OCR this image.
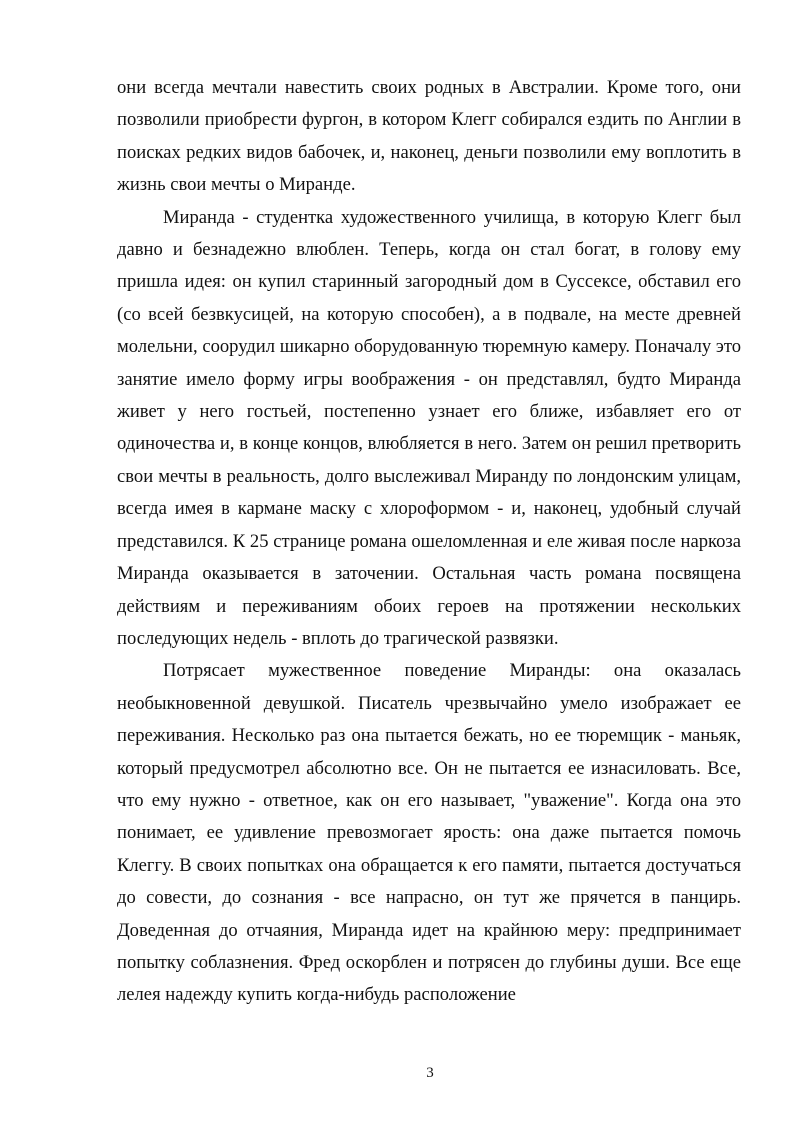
они всегда мечтали навестить своих родных в Австралии. Кроме того, они позволили приобрести фургон, в котором Клегг собирался ездить по Англии в поисках редких видов бабочек, и, наконец, деньги позволили ему воплотить в жизнь свои мечты о Миранде.

Миранда - студентка художественного училища, в которую Клегг был давно и безнадежно влюблен. Теперь, когда он стал богат, в голову ему пришла идея: он купил старинный загородный дом в Суссексе, обставил его (со всей безвкусицей, на которую способен), а в подвале, на месте древней молельни, соорудил шикарно оборудованную тюремную камеру. Поначалу это занятие имело форму игры воображения - он представлял, будто Миранда живет у него гостьей, постепенно узнает его ближе, избавляет его от одиночества и, в конце концов, влюбляется в него. Затем он решил претворить свои мечты в реальность, долго выслеживал Миранду по лондонским улицам, всегда имея в кармане маску с хлороформом - и, наконец, удобный случай представился. К 25 странице романа ошеломленная и еле живая после наркоза Миранда оказывается в заточении. Остальная часть романа посвящена действиям и переживаниям обоих героев на протяжении нескольких последующих недель - вплоть до трагической развязки.

Потрясает мужественное поведение Миранды: она оказалась необыкновенной девушкой. Писатель чрезвычайно умело изображает ее переживания. Несколько раз она пытается бежать, но ее тюремщик - маньяк, который предусмотрел абсолютно все. Он не пытается ее изнасиловать. Все, что ему нужно - ответное, как он его называет, "уважение". Когда она это понимает, ее удивление превозмогает ярость: она даже пытается помочь Клеггу. В своих попытках она обращается к его памяти, пытается достучаться до совести, до сознания - все напрасно, он тут же прячется в панцирь. Доведенная до отчаяния, Миранда идет на крайнюю меру: предпринимает попытку соблазнения. Фред оскорблен и потрясен до глубины души. Все еще лелея надежду купить когда-нибудь расположение

3
